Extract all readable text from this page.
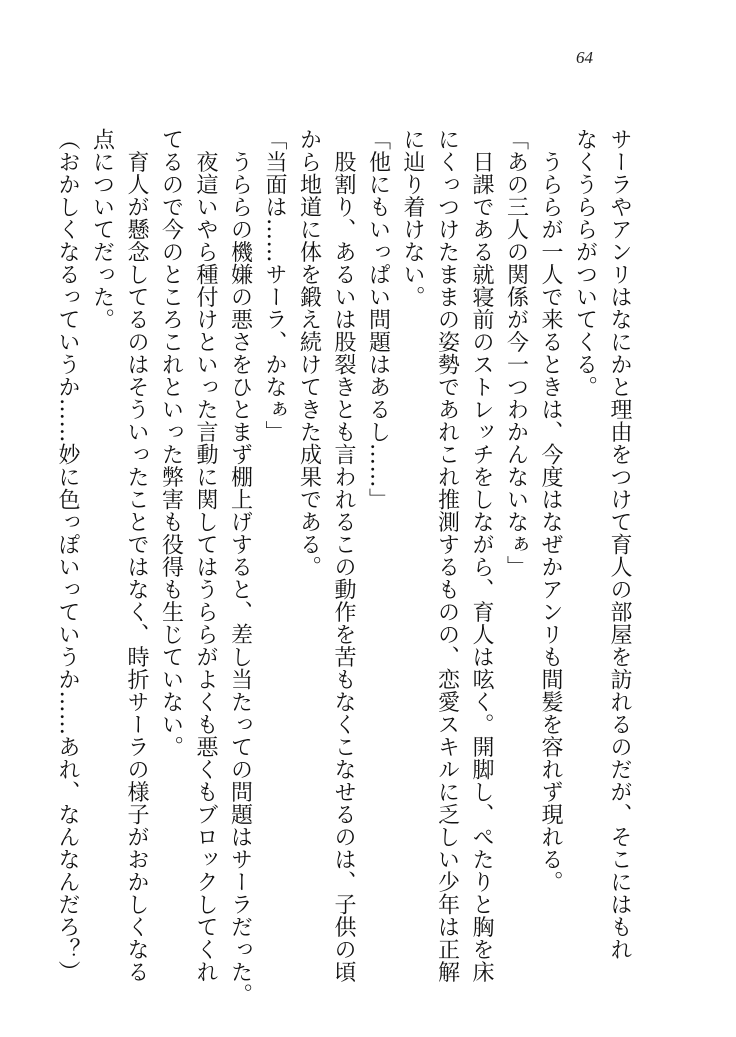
64
サーラやアンリはなにかと理由をつけて育人の部屋を訪れるのだが、そこにはもれ
なくうららがついてくる。
　うららが一人で来るときは、今度はなぜかアンリも間髪を容れず現れる。
「あの三人の関係が今一つわかんないなぁ」
　日課である就寝前のストレッチをしながら、育人は呟く。開脚し、ぺたりと胸を床
にくっつけたままの姿勢であれこれ推測するものの、恋愛スキルに乏しい少年は正解
に辿り着けない。
「他にもいっぱい問題はあるし……」
　股割り、あるいは股裂きとも言われるこの動作を苦もなくこなせるのは、子供の頃
から地道に体を鍛え続けてきた成果である。
「当面は……サーラ、かなぁ」
　うららの機嫌の悪さをひとまず棚上げすると、差し当たっての問題はサーラだった。
　夜這いやら種付けといった言動に関してはうららがよくも悪くもブロックしてくれ
てるので今のところこれといった弊害も役得も生じていない。
　育人が懸念してるのはそういったことではなく、時折サーラの様子がおかしくなる
点についてだった。
（おかしくなるっていうか……妙に色っぽいっていうか……あれ、なんなんだろ？）
